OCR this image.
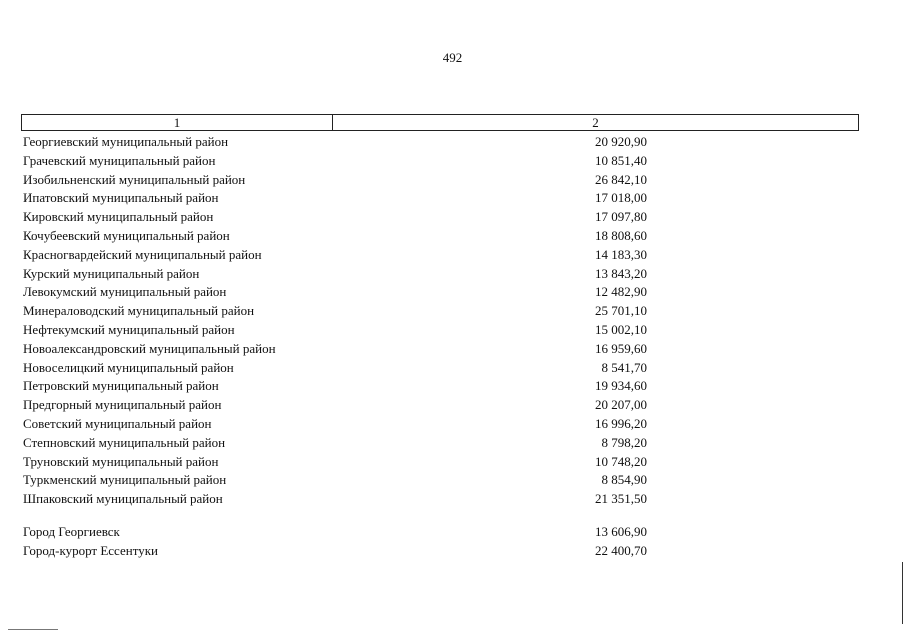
492
1	2
Георгиевский муниципальный район	20 920,90
Грачевский муниципальный район	10 851,40
Изобильненский муниципальный район	26 842,10
Ипатовский муниципальный район	17 018,00
Кировский муниципальный район	17 097,80
Кочубеевский муниципальный район	18 808,60
Красногвардейский муниципальный район	14 183,30
Курский муниципальный район	13 843,20
Левокумский муниципальный район	12 482,90
Минераловодский муниципальный район	25 701,10
Нефтекумский муниципальный район	15 002,10
Новоалександровский муниципальный район	16 959,60
Новоселицкий муниципальный район	8 541,70
Петровский муниципальный район	19 934,60
Предгорный муниципальный район	20 207,00
Советский муниципальный район	16 996,20
Степновский муниципальный район	8 798,20
Труновский муниципальный район	10 748,20
Туркменский муниципальный район	8 854,90
Шпаковский муниципальный район	21 351,50
Город Георгиевск	13 606,90
Город-курорт Ессентуки	22 400,70
